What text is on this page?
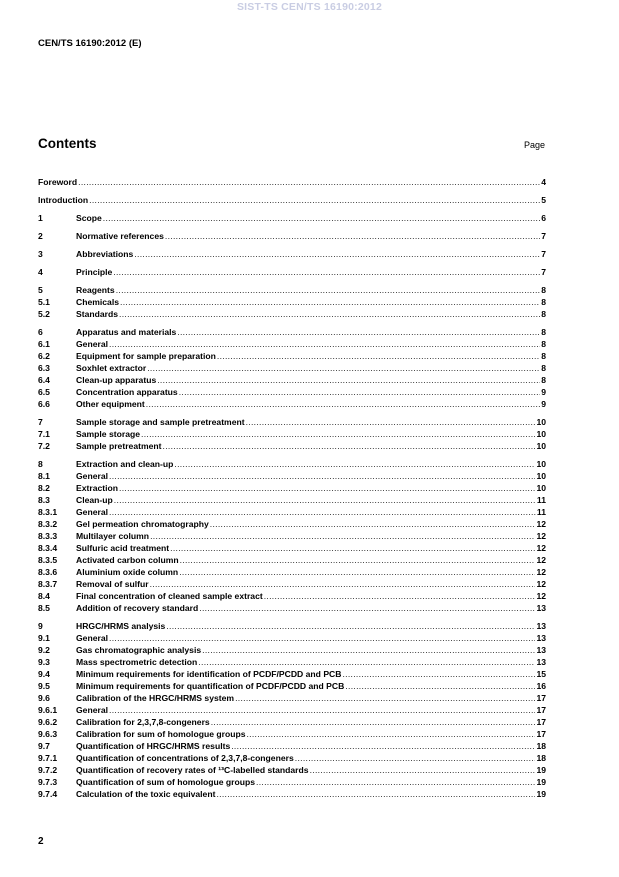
SIST-TS CEN/TS 16190:2012
CEN/TS 16190:2012 (E)
Contents	Page
Foreword .....	4
Introduction .....	5
1	Scope .....	6
2	Normative references .....	7
3	Abbreviations .....	7
4	Principle .....	7
5	Reagents .....	8
5.1	Chemicals .....	8
5.2	Standards .....	8
6	Apparatus and materials .....	8
6.1	General .....	8
6.2	Equipment for sample preparation .....	8
6.3	Soxhlet extractor .....	8
6.4	Clean-up apparatus .....	8
6.5	Concentration apparatus .....	9
6.6	Other equipment .....	9
7	Sample storage and sample pretreatment .....	10
7.1	Sample storage .....	10
7.2	Sample pretreatment .....	10
8	Extraction and clean-up .....	10
8.1	General .....	10
8.2	Extraction .....	10
8.3	Clean-up .....	11
8.3.1	General .....	11
8.3.2	Gel permeation chromatography .....	12
8.3.3	Multilayer column .....	12
8.3.4	Sulfuric acid treatment .....	12
8.3.5	Activated carbon column .....	12
8.3.6	Aluminium oxide column .....	12
8.3.7	Removal of sulfur .....	12
8.4	Final concentration of cleaned sample extract .....	12
8.5	Addition of recovery standard .....	13
9	HRGC/HRMS analysis .....	13
9.1	General .....	13
9.2	Gas chromatographic analysis .....	13
9.3	Mass spectrometric detection .....	13
9.4	Minimum requirements for identification of PCDF/PCDD and PCB .....	15
9.5	Minimum requirements for quantification of PCDF/PCDD and PCB .....	16
9.6	Calibration of the HRGC/HRMS system .....	17
9.6.1	General .....	17
9.6.2	Calibration for 2,3,7,8-congeners .....	17
9.6.3	Calibration for sum of homologue groups .....	17
9.7	Quantification of HRGC/HRMS results .....	18
9.7.1	Quantification of concentrations of 2,3,7,8-congeners .....	18
9.7.2	Quantification of recovery rates of ¹³C-labelled standards .....	19
9.7.3	Quantification of sum of homologue groups .....	19
9.7.4	Calculation of the toxic equivalent .....	19
2
